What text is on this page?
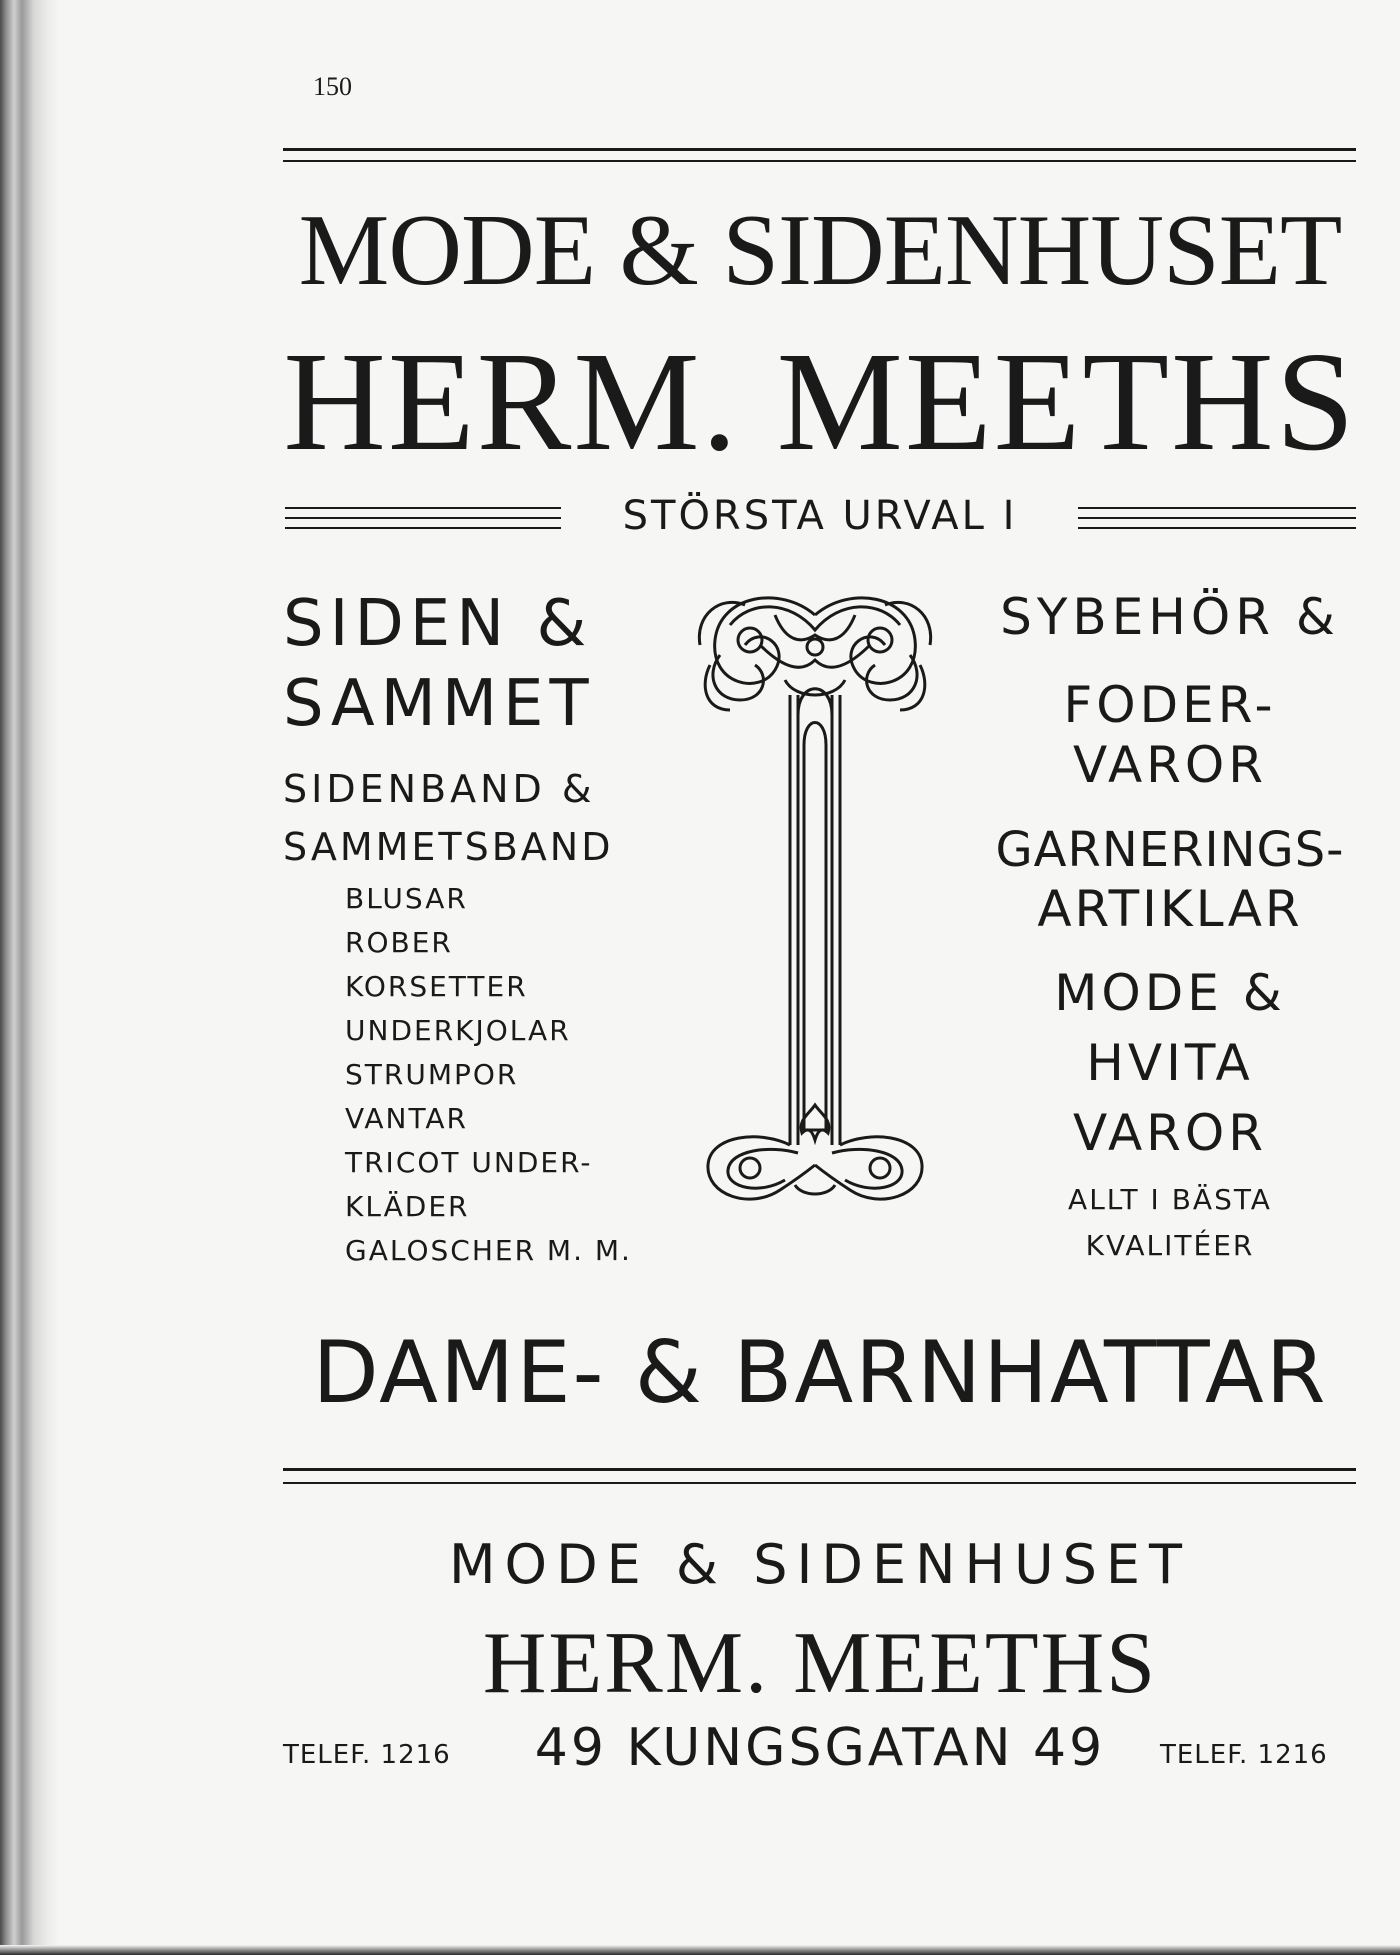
150
MODE & SIDENHUSET
HERM. MEETHS
STÖRSTA URVAL I
SIDEN &
SAMMET
SIDENBAND &
SAMMETSBAND
BLUSAR
ROBER
KORSETTER
UNDERKJOLAR
STRUMPOR
VANTAR
TRICOT UNDER-
KLÄDER
GALOSCHER M. M.
SYBEHÖR &
FODER-
VAROR
GARNERINGS-
ARTIKLAR
MODE &
HVITA
VAROR
ALLT I BÄSTA
KVALITÉER
DAME- & BARNHATTAR
MODE & SIDENHUSET
HERM. MEETHS
TELEF. 1216	49 KUNGSGATAN 49	TELEF. 1216
